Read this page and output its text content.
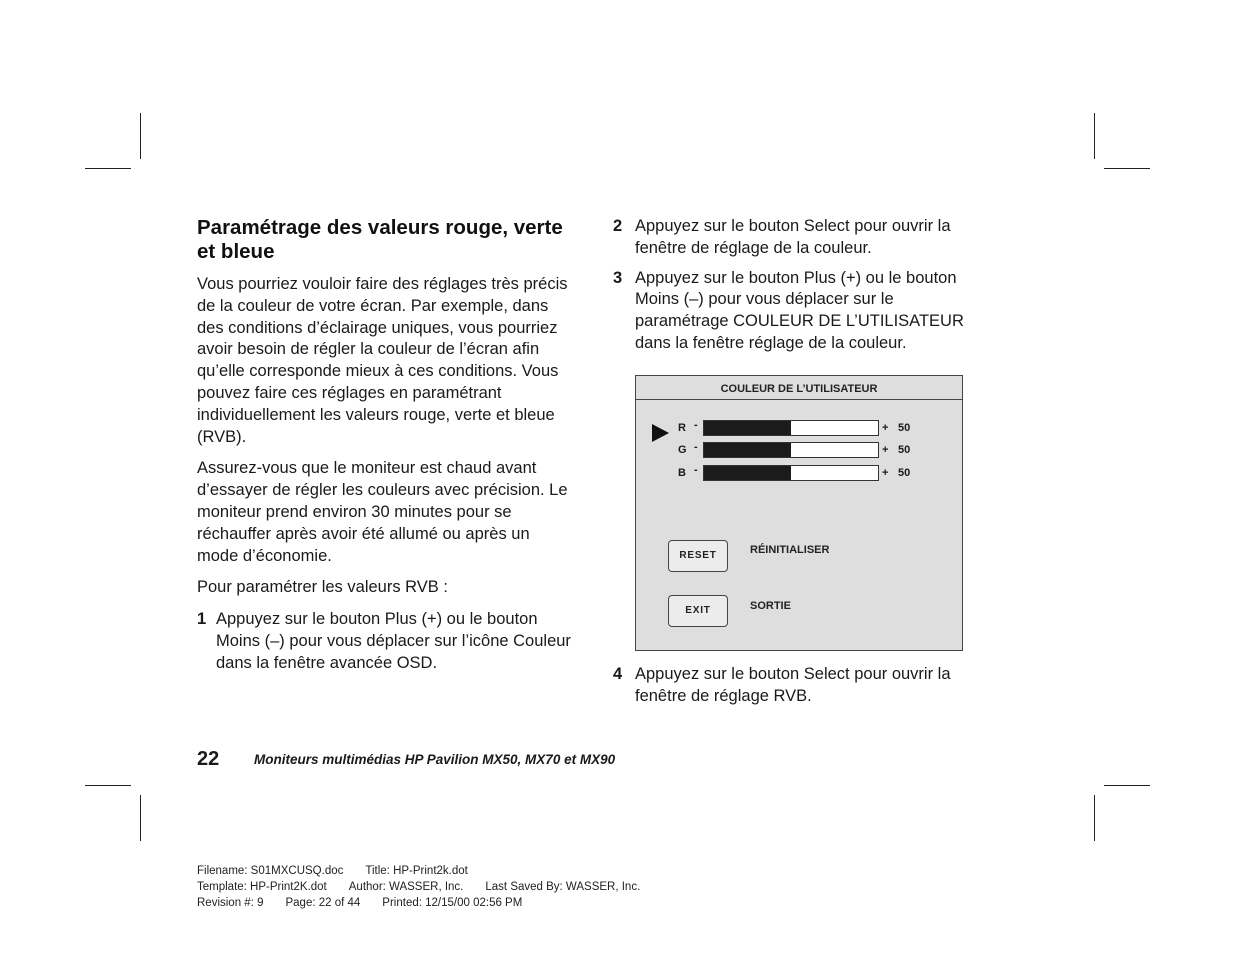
Paramétrage des valeurs rouge, verte et bleue

Vous pourriez vouloir faire des réglages très précis de la couleur de votre écran. Par exemple, dans des conditions d’éclairage uniques, vous pourriez avoir besoin de régler la couleur de l’écran afin qu’elle corresponde mieux à ces conditions. Vous pouvez faire ces réglages en paramétrant individuellement les valeurs rouge, verte et bleue (RVB).

Assurez-vous que le moniteur est chaud avant d’essayer de régler les couleurs avec précision. Le moniteur prend environ 30 minutes pour se réchauffer après avoir été allumé ou après un mode d’économie.

Pour paramétrer les valeurs RVB :

1 Appuyez sur le bouton Plus (+) ou le bouton Moins (–) pour vous déplacer sur l’icône Couleur dans la fenêtre avancée OSD.
2 Appuyez sur le bouton Select pour ouvrir la fenêtre de réglage de la couleur.
3 Appuyez sur le bouton Plus (+) ou le bouton Moins (–) pour vous déplacer sur le paramétrage COULEUR DE L’UTILISATEUR dans la fenêtre réglage de la couleur.
4 Appuyez sur le bouton Select pour ouvrir la fenêtre de réglage RVB.
COULEUR DE L’UTILISATEUR
R -	+ 50
G -	+ 50
B -	+ 50
RESET	RÉINITIALISER
EXIT	SORTIE
22	Moniteurs multimédias HP Pavilion MX50, MX70 et MX90
Filename: S01MXCUSQ.doc Title: HP-Print2k.dot
Template: HP-Print2K.dot Author: WASSER, Inc. Last Saved By: WASSER, Inc.
Revision #: 9 Page: 22 of 44 Printed: 12/15/00 02:56 PM
